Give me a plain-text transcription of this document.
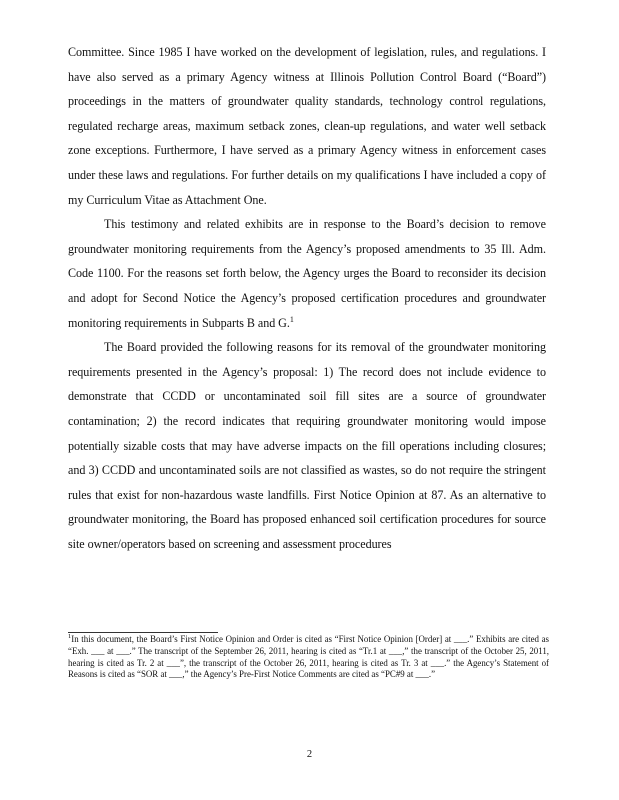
Committee. Since 1985 I have worked on the development of legislation, rules, and regulations. I have also served as a primary Agency witness at Illinois Pollution Control Board (“Board”) proceedings in the matters of groundwater quality standards, technology control regulations, regulated recharge areas, maximum setback zones, clean-up regulations, and water well setback zone exceptions. Furthermore, I have served as a primary Agency witness in enforcement cases under these laws and regulations. For further details on my qualifications I have included a copy of my Curriculum Vitae as Attachment One.

This testimony and related exhibits are in response to the Board’s decision to remove groundwater monitoring requirements from the Agency’s proposed amendments to 35 Ill. Adm. Code 1100. For the reasons set forth below, the Agency urges the Board to reconsider its decision and adopt for Second Notice the Agency’s proposed certification procedures and groundwater monitoring requirements in Subparts B and G.$^1$

The Board provided the following reasons for its removal of the groundwater monitoring requirements presented in the Agency’s proposal: 1) The record does not include evidence to demonstrate that CCDD or uncontaminated soil fill sites are a source of groundwater contamination; 2) the record indicates that requiring groundwater monitoring would impose potentially sizable costs that may have adverse impacts on the fill operations including closures; and 3) CCDD and uncontaminated soils are not classified as wastes, so do not require the stringent rules that exist for non-hazardous waste landfills. First Notice Opinion at 87. As an alternative to groundwater monitoring, the Board has proposed enhanced soil certification procedures for source site owner/operators based on screening and assessment procedures

$^1$In this document, the Board’s First Notice Opinion and Order is cited as “First Notice Opinion [Order] at ___.” Exhibits are cited as “Exh. ___ at ___.” The transcript of the September 26, 2011, hearing is cited as “Tr.1 at ___,” the transcript of the October 25, 2011, hearing is cited as Tr. 2 at ___”, the transcript of the October 26, 2011, hearing is cited as Tr. 3 at ___.” the Agency’s Statement of Reasons is cited as “SOR at ___,” the Agency’s Pre-First Notice Comments are cited as “PC#9 at ___.”

2
